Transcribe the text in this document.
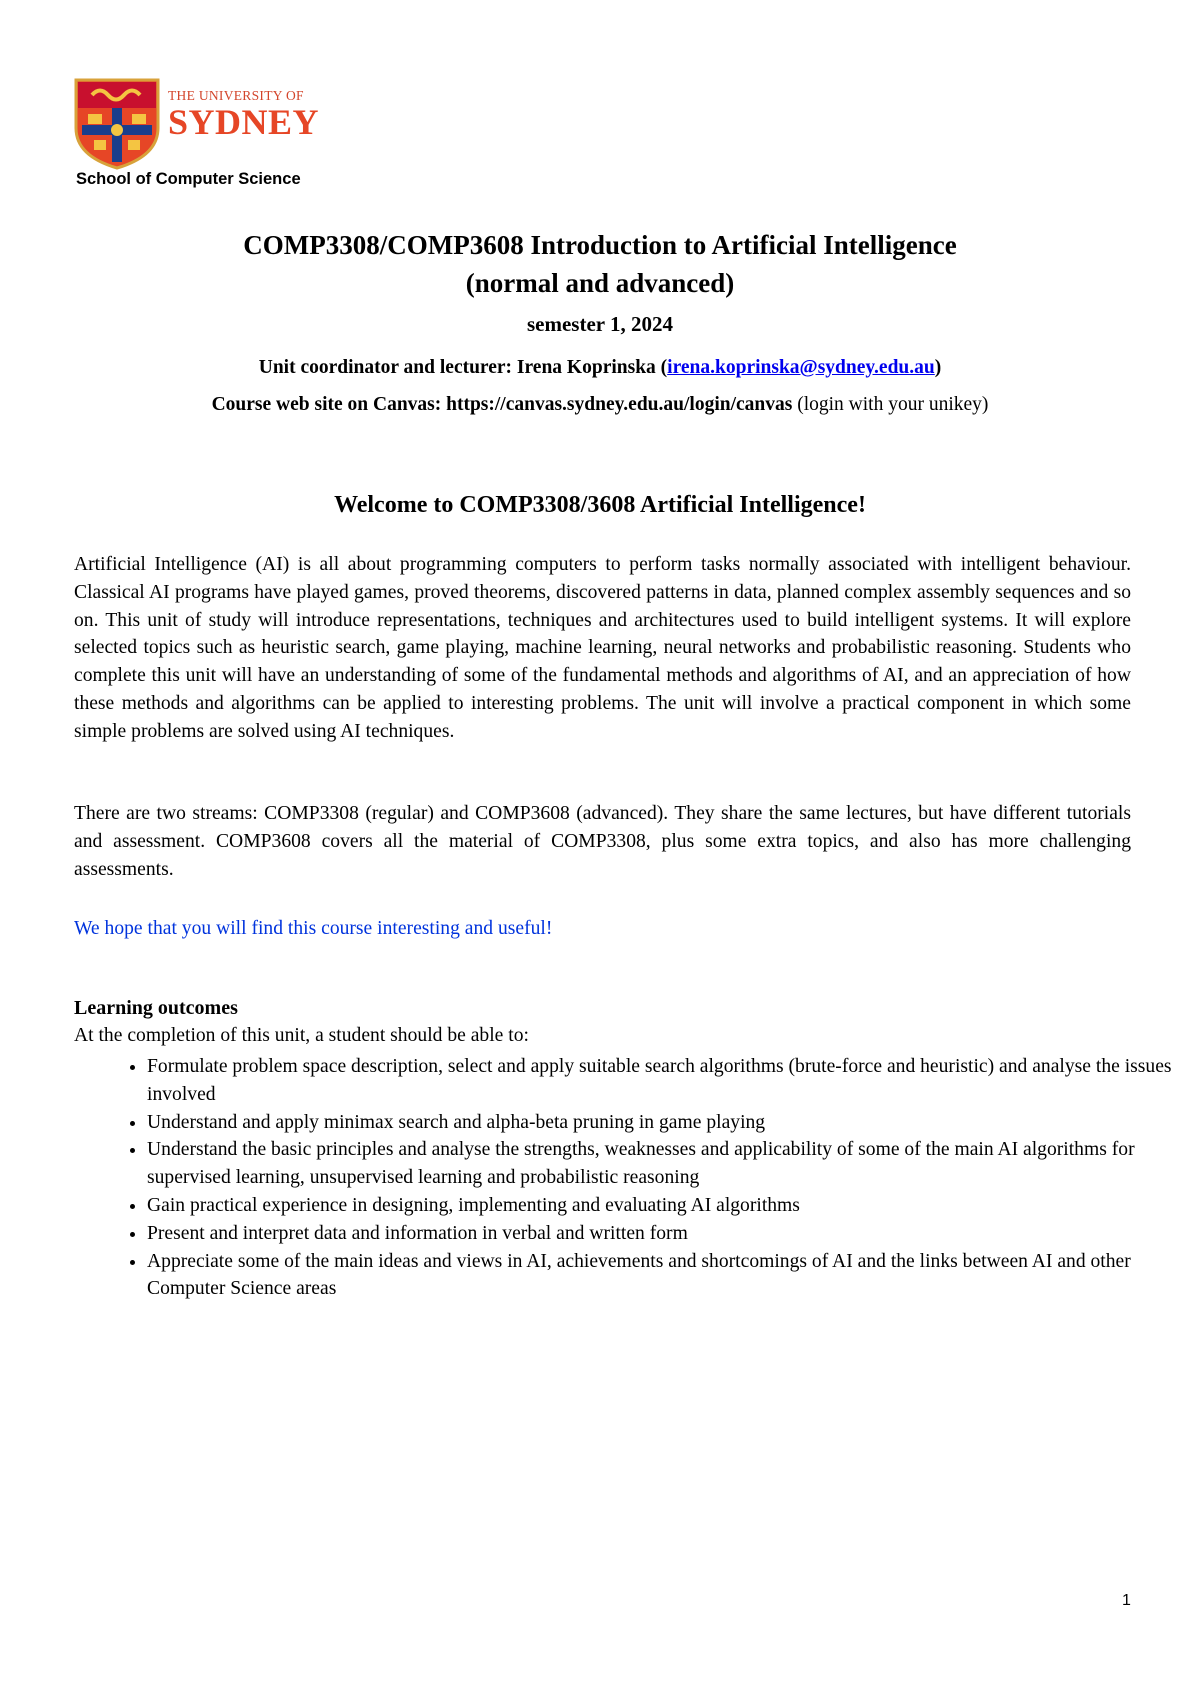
THE UNIVERSITY OF
SYDNEY
School of Computer Science
COMP3308/COMP3608 Introduction to Artificial Intelligence
(normal and advanced)
semester 1, 2024
Unit coordinator and lecturer: Irena Koprinska (irena.koprinska@sydney.edu.au)
Course web site on Canvas: https://canvas.sydney.edu.au/login/canvas (login with your unikey)
Welcome to COMP3308/3608 Artificial Intelligence!
Artificial Intelligence (AI) is all about programming computers to perform tasks normally associated with intelligent behaviour. Classical AI programs have played games, proved theorems, discovered patterns in data, planned complex assembly sequences and so on. This unit of study will introduce representations, techniques and architectures used to build intelligent systems. It will explore selected topics such as heuristic search, game playing, machine learning, neural networks and probabilistic reasoning. Students who complete this unit will have an understanding of some of the fundamental methods and algorithms of AI, and an appreciation of how these methods and algorithms can be applied to interesting problems. The unit will involve a practical component in which some simple problems are solved using AI techniques.
There are two streams: COMP3308 (regular) and COMP3608 (advanced). They share the same lectures, but have different tutorials and assessment. COMP3608 covers all the material of COMP3308, plus some extra topics, and also has more challenging assessments.
We hope that you will find this course interesting and useful!
Learning outcomes
At the completion of this unit, a student should be able to:
• Formulate problem space description, select and apply suitable search algorithms (brute-force and heuristic) and analyse the issues involved
• Understand and apply minimax search and alpha-beta pruning in game playing
• Understand the basic principles and analyse the strengths, weaknesses and applicability of some of the main AI algorithms for supervised learning, unsupervised learning and probabilistic reasoning
• Gain practical experience in designing, implementing and evaluating AI algorithms
• Present and interpret data and information in verbal and written form
• Appreciate some of the main ideas and views in AI, achievements and shortcomings of AI and the links between AI and other Computer Science areas
1
